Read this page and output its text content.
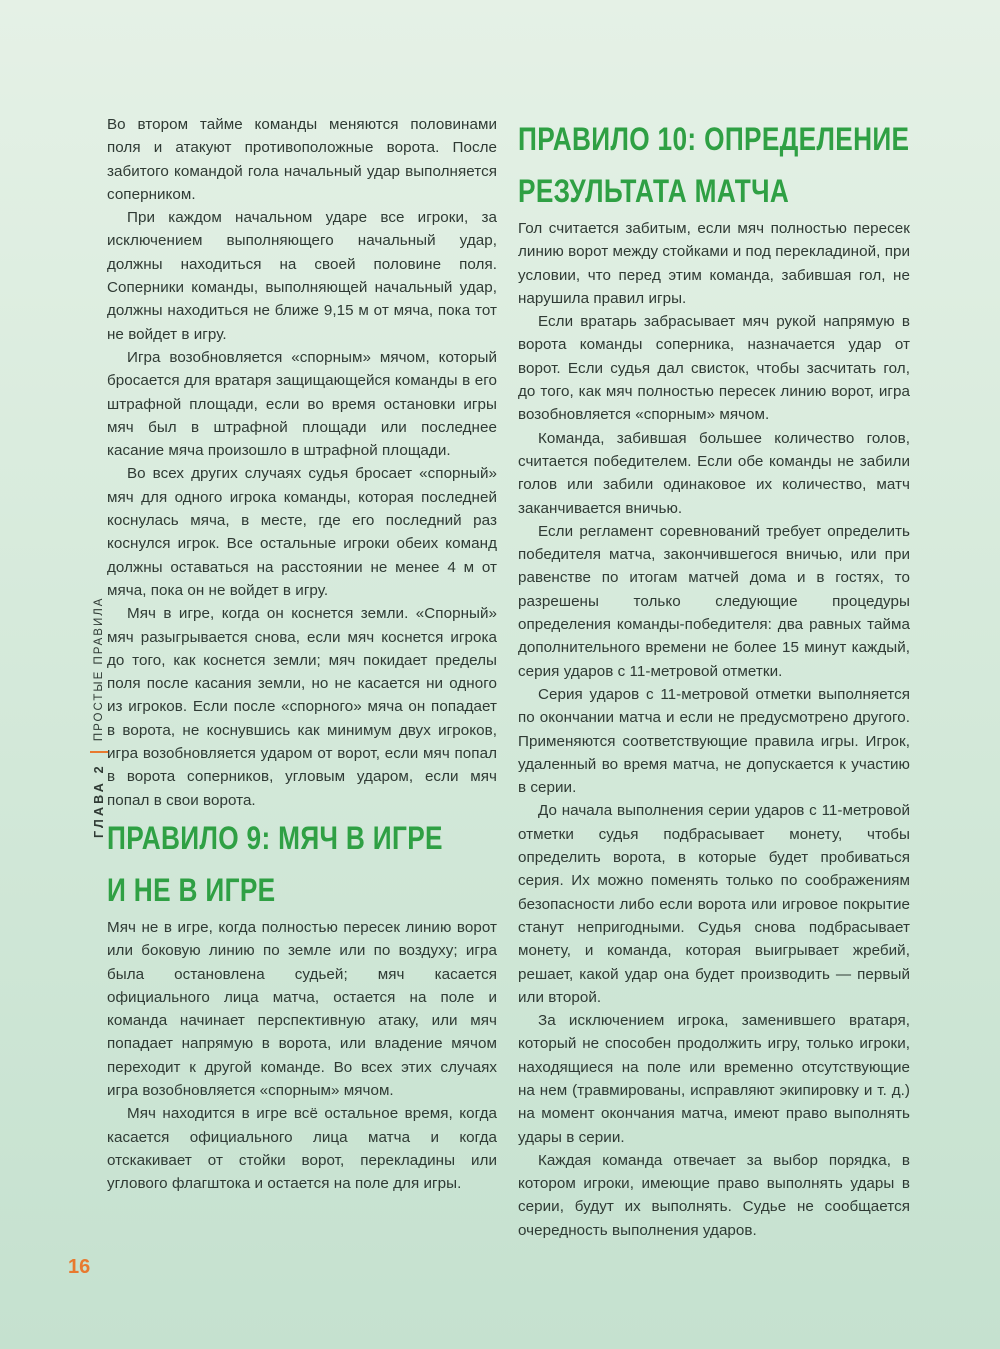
ГЛАВА 2
ПРОСТЫЕ ПРАВИЛА

Во втором тайме команды меняются половинами поля и атакуют противоположные ворота. После забитого командой гола начальный удар выполняется соперником.

При каждом начальном ударе все игроки, за исключением выполняющего начальный удар, должны находиться на своей половине поля. Соперники команды, выполняющей начальный удар, должны находиться не ближе 9,15 м от мяча, пока тот не войдет в игру.

Игра возобновляется «спорным» мячом, который бросается для вратаря защищающейся команды в его штрафной площади, если во время остановки игры мяч был в штрафной площади или последнее касание мяча произошло в штрафной площади.

Во всех других случаях судья бросает «спорный» мяч для одного игрока команды, которая последней коснулась мяча, в месте, где его последний раз коснулся игрок. Все остальные игроки обеих команд должны оставаться на расстоянии не менее 4 м от мяча, пока он не войдет в игру.

Мяч в игре, когда он коснется земли. «Спорный» мяч разыгрывается снова, если мяч коснется игрока до того, как коснется земли; мяч покидает пределы поля после касания земли, но не касается ни одного из игроков. Если после «спорного» мяча он попадает в ворота, не коснувшись как минимум двух игроков, игра возобновляется ударом от ворот, если мяч попал в ворота соперников, угловым ударом, если мяч попал в свои ворота.

ПРАВИЛО 9: МЯЧ В ИГРЕ
И НЕ В ИГРЕ

Мяч не в игре, когда полностью пересек линию ворот или боковую линию по земле или по воздуху; игра была остановлена судьей; мяч касается официального лица матча, остается на поле и команда начинает перспективную атаку, или мяч попадает напрямую в ворота, или владение мячом переходит к другой команде. Во всех этих случаях игра возобновляется «спорным» мячом.

Мяч находится в игре всё остальное время, когда касается официального лица матча и когда отскакивает от стойки ворот, перекладины или углового флагштока и остается на поле для игры.

ПРАВИЛО 10: ОПРЕДЕЛЕНИЕ
РЕЗУЛЬТАТА МАТЧА

Гол считается забитым, если мяч полностью пересек линию ворот между стойками и под перекладиной, при условии, что перед этим команда, забившая гол, не нарушила правил игры.

Если вратарь забрасывает мяч рукой напрямую в ворота команды соперника, назначается удар от ворот. Если судья дал свисток, чтобы засчитать гол, до того, как мяч полностью пересек линию ворот, игра возобновляется «спорным» мячом.

Команда, забившая большее количество голов, считается победителем. Если обе команды не забили голов или забили одинаковое их количество, матч заканчивается вничью.

Если регламент соревнований требует определить победителя матча, закончившегося вничью, или при равенстве по итогам матчей дома и в гостях, то разрешены только следующие процедуры определения команды-победителя: два равных тайма дополнительного времени не более 15 минут каждый, серия ударов с 11-метровой отметки.

Серия ударов с 11-метровой отметки выполняется по окончании матча и если не предусмотрено другого. Применяются соответствующие правила игры. Игрок, удаленный во время матча, не допускается к участию в серии.

До начала выполнения серии ударов с 11-метровой отметки судья подбрасывает монету, чтобы определить ворота, в которые будет пробиваться серия. Их можно поменять только по соображениям безопасности либо если ворота или игровое покрытие станут непригодными. Судья снова подбрасывает монету, и команда, которая выигрывает жребий, решает, какой удар она будет производить — первый или второй.

За исключением игрока, заменившего вратаря, который не способен продолжить игру, только игроки, находящиеся на поле или временно отсутствующие на нем (травмированы, исправляют экипировку и т. д.) на момент окончания матча, имеют право выполнять удары в серии.

Каждая команда отвечает за выбор порядка, в котором игроки, имеющие право выполнять удары в серии, будут их выполнять. Судье не сообщается очередность выполнения ударов.

16
